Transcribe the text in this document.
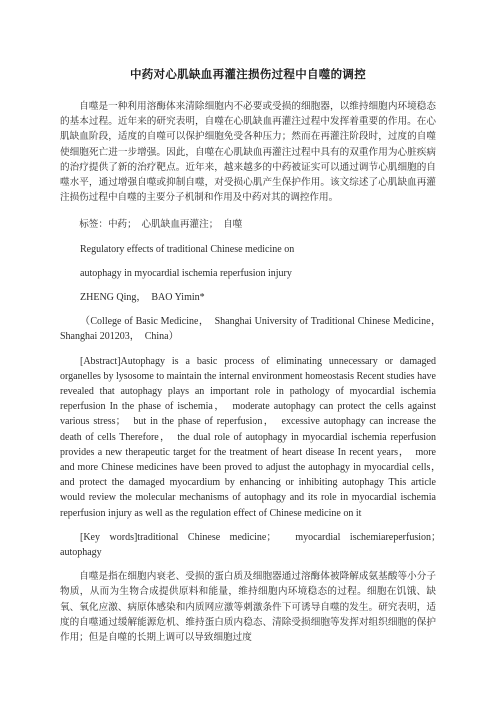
中药对心肌缺血再灌注损伤过程中自噬的调控

自噬是一种利用溶酶体来清除细胞内不必要或受损的细胞器，以维持细胞内环境稳态的基本过程。近年来的研究表明，自噬在心肌缺血再灌注过程中发挥着重要的作用。在心肌缺血阶段，适度的自噬可以保护细胞免受各种压力；然而在再灌注阶段时，过度的自噬使细胞死亡进一步增强。因此，自噬在心肌缺血再灌注过程中具有的双重作用为心脏疾病的治疗提供了新的治疗靶点。近年来，越来越多的中药被证实可以通过调节心肌细胞的自噬水平，通过增强自噬或抑制自噬，对受损心肌产生保护作用。该文综述了心肌缺血再灌注损伤过程中自噬的主要分子机制和作用及中药对其的调控作用。

标签：中药；　心肌缺血再灌注；　自噬

Regulatory effects of traditional Chinese medicine on

autophagy in myocardial ischemia reperfusion injury

ZHENG Qing，　BAO Yimin*

（College of Basic Medicine，　Shanghai University of Traditional Chinese Medicine，　Shanghai 201203，　China）

[Abstract]Autophagy is a basic process of eliminating unnecessary or damaged organelles by lysosome to maintain the internal environment homeostasis Recent studies have revealed that autophagy plays an important role in pathology of myocardial ischemia reperfusion In the phase of ischemia，　moderate autophagy can protect the cells against various stress；　but in the phase of reperfusion，　excessive autophagy can increase the death of cells Therefore，　the dual role of autophagy in myocardial ischemia reperfusion provides a new therapeutic target for the treatment of heart disease In recent years，　more and more Chinese medicines have been proved to adjust the autophagy in myocardial cells，　and protect the damaged myocardium by enhancing or inhibiting autophagy This article would review the molecular mechanisms of autophagy and its role in myocardial ischemia reperfusion injury as well as the regulation effect of Chinese medicine on it

[Key words]traditional Chinese medicine；　myocardial ischemiareperfusion；　autophagy

自噬是指在细胞内衰老、受损的蛋白质及细胞器通过溶酶体被降解成氨基酸等小分子物质，从而为生物合成提供原料和能量，维持细胞内环境稳态的过程。细胞在饥饿、缺氧、氧化应激、病原体感染和内质网应激等刺激条件下可诱导自噬的发生。研究表明，适度的自噬通过缓解能源危机、维持蛋白质内稳态、清除受损细胞等发挥对组织细胞的保护作用；但是自噬的长期上调可以导致细胞过度
